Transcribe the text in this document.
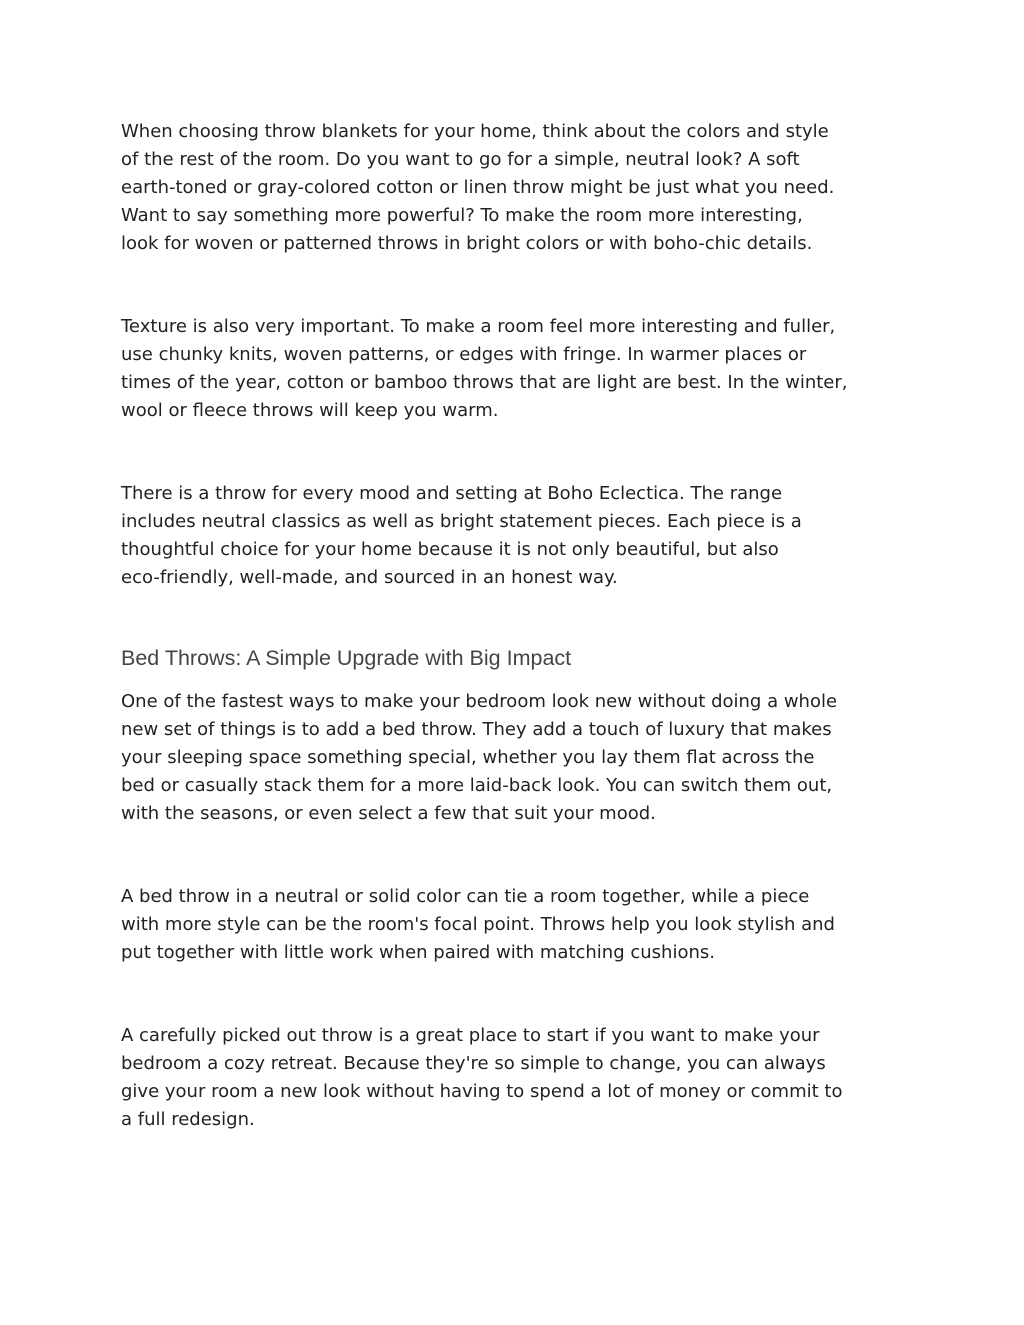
When choosing throw blankets for your home, think about the colors and style
of the rest of the room. Do you want to go for a simple, neutral look? A soft
earth-toned or gray-colored cotton or linen throw might be just what you need.
Want to say something more powerful? To make the room more interesting,
look for woven or patterned throws in bright colors or with boho-chic details.

Texture is also very important. To make a room feel more interesting and fuller,
use chunky knits, woven patterns, or edges with fringe. In warmer places or
times of the year, cotton or bamboo throws that are light are best. In the winter,
wool or fleece throws will keep you warm.

There is a throw for every mood and setting at Boho Eclectica. The range
includes neutral classics as well as bright statement pieces. Each piece is a
thoughtful choice for your home because it is not only beautiful, but also
eco-friendly, well-made, and sourced in an honest way.

Bed Throws: A Simple Upgrade with Big Impact

One of the fastest ways to make your bedroom look new without doing a whole
new set of things is to add a bed throw. They add a touch of luxury that makes
your sleeping space something special, whether you lay them flat across the
bed or casually stack them for a more laid-back look. You can switch them out,
with the seasons, or even select a few that suit your mood.

A bed throw in a neutral or solid color can tie a room together, while a piece
with more style can be the room's focal point. Throws help you look stylish and
put together with little work when paired with matching cushions.

A carefully picked out throw is a great place to start if you want to make your
bedroom a cozy retreat. Because they're so simple to change, you can always
give your room a new look without having to spend a lot of money or commit to
a full redesign.
